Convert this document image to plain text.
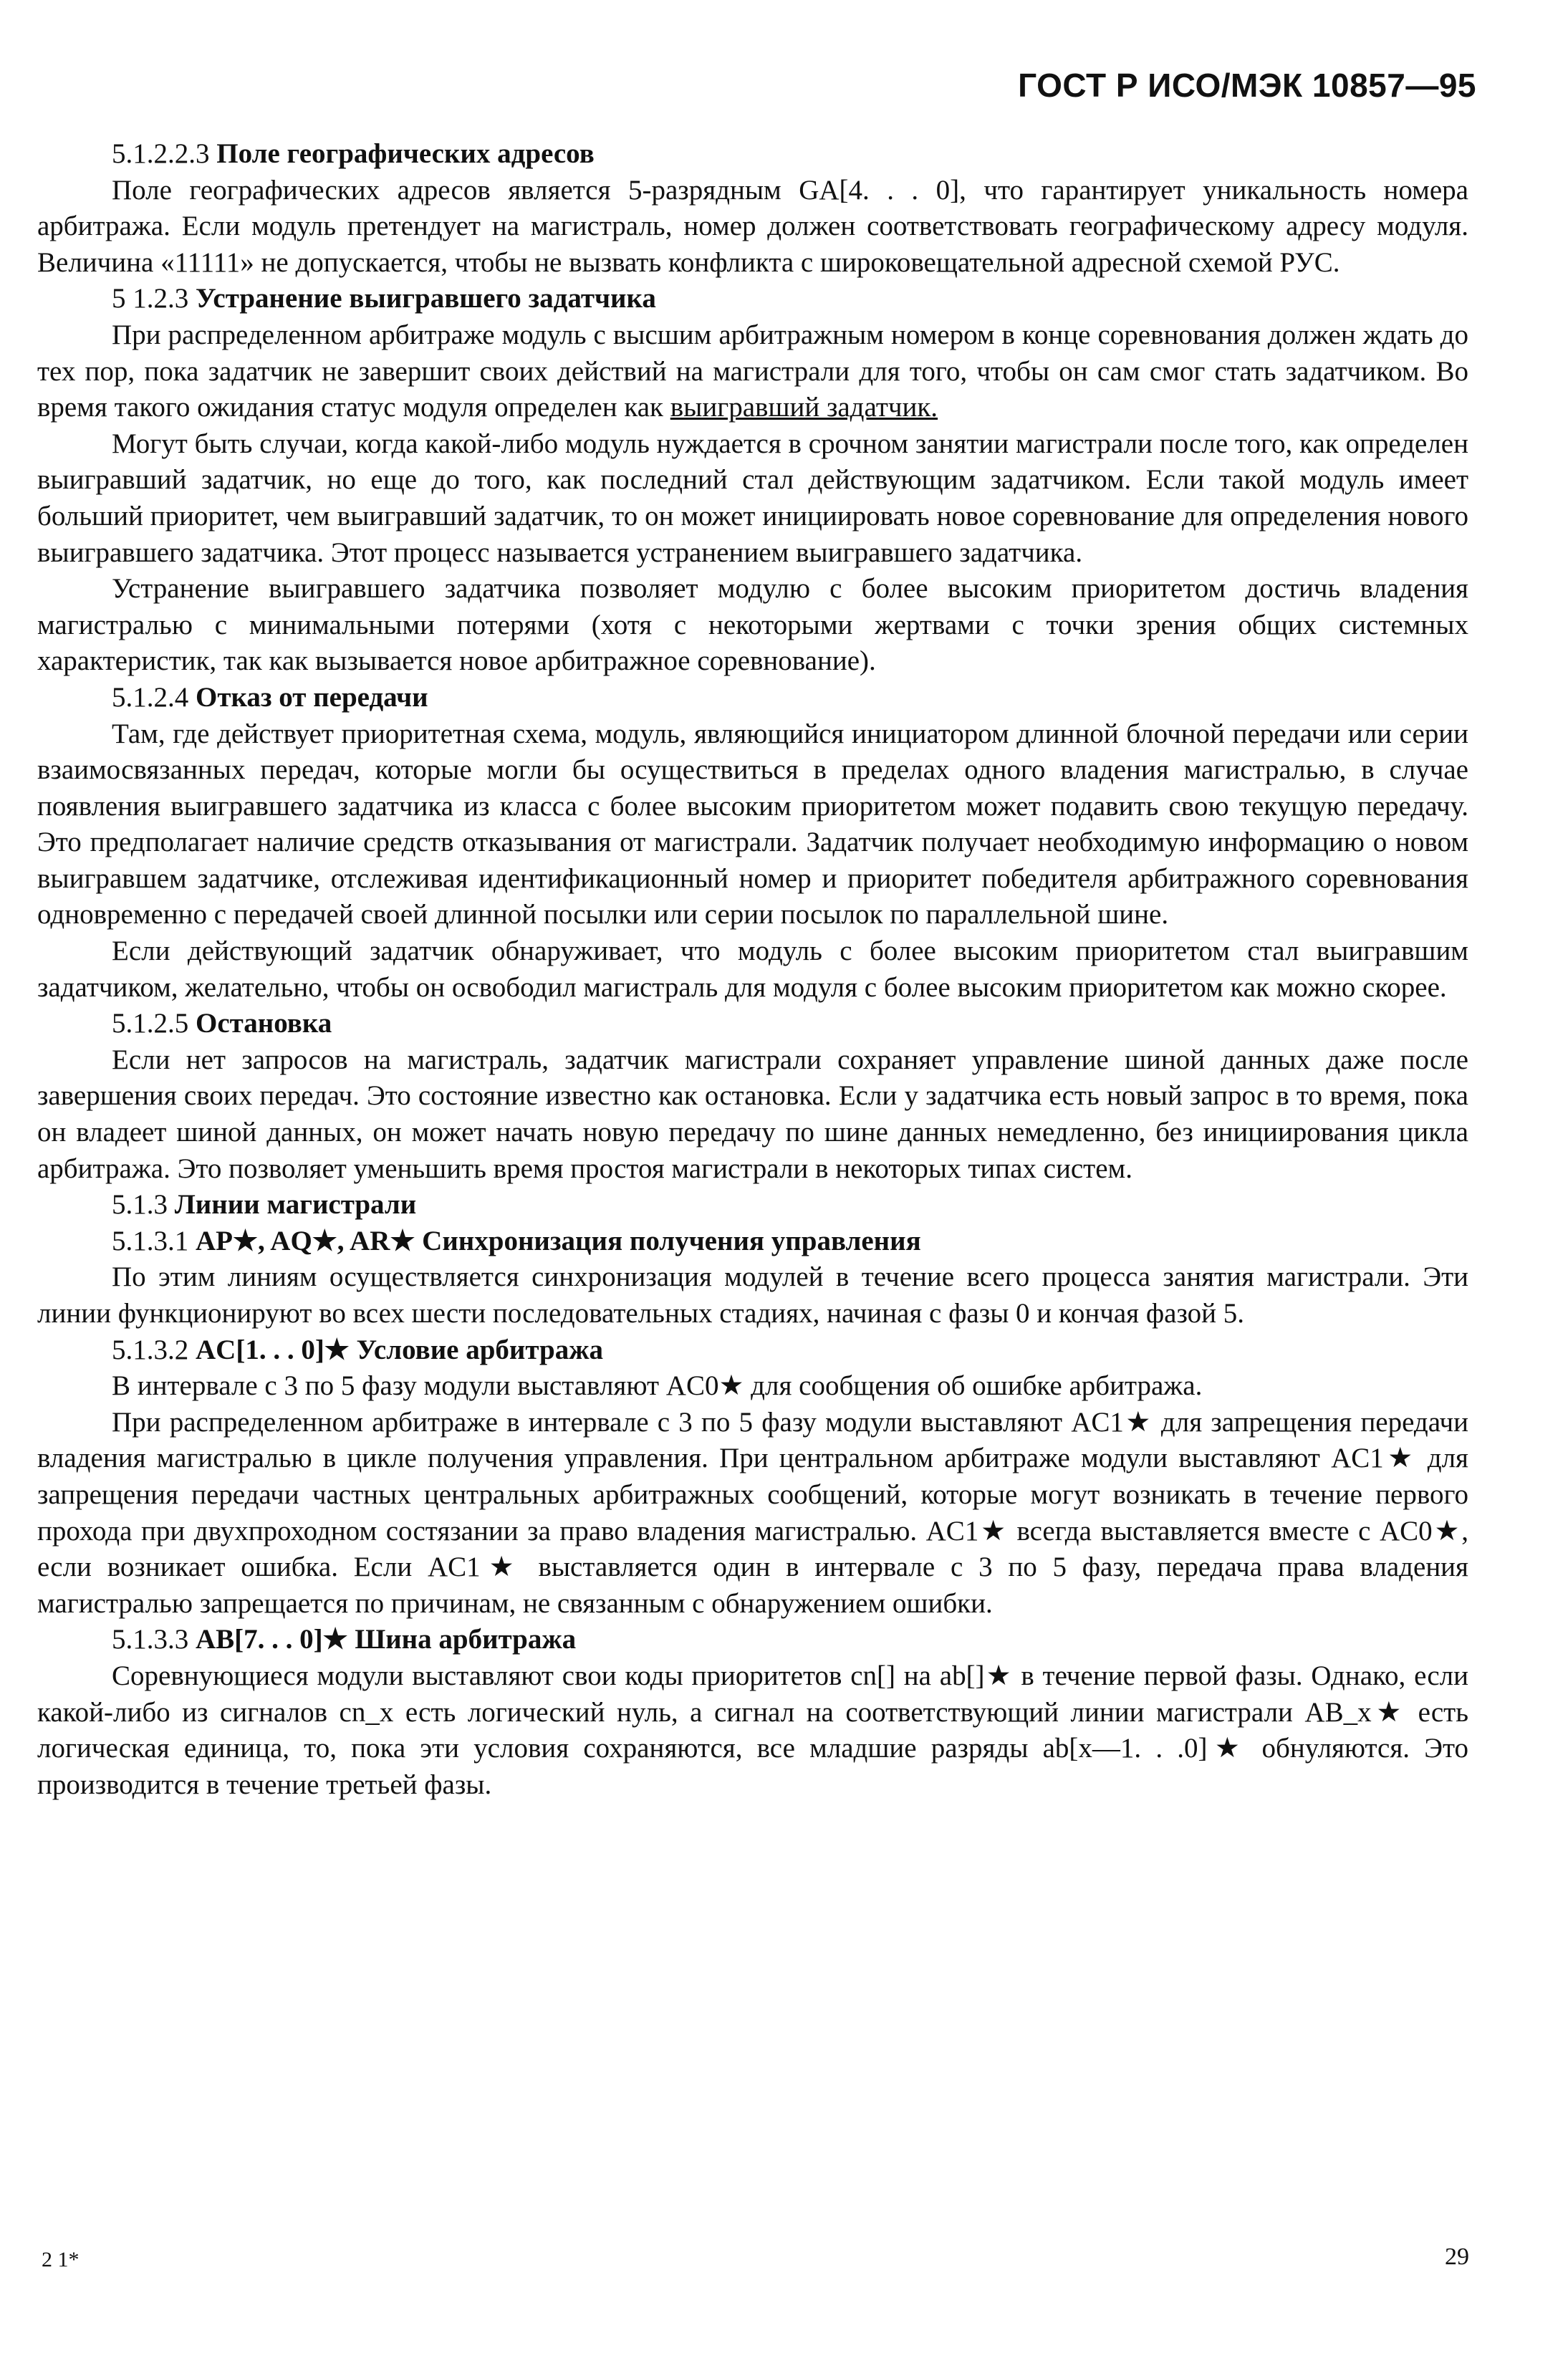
ГОСТ Р ИСО/МЭК 10857—95
5.1.2.2.3 Поле географических адресов

Поле географических адресов является 5-разрядным GA[4. . . 0], что гарантирует уникальность номера арбитража. Если модуль претендует на магистраль, номер должен соответствовать географическому адресу модуля. Величина «11111» не допускается, чтобы не вызвать конфликта с широковещательной адресной схемой РУС.

5 1.2.3 Устранение выигравшего задатчика

При распределенном арбитраже модуль с высшим арбитражным номером в конце соревнования должен ждать до тех пор, пока задатчик не завершит своих действий на магистрали для того, чтобы он сам смог стать задатчиком. Во время такого ожидания статус модуля определен как выигравший задатчик.

Могут быть случаи, когда какой-либо модуль нуждается в срочном занятии магистрали после того, как определен выигравший задатчик, но еще до того, как последний стал действующим задатчиком. Если такой модуль имеет больший приоритет, чем выигравший задатчик, то он может инициировать новое соревнование для определения нового выигравшего задатчика. Этот процесс называется устранением выигравшего задатчика.

Устранение выигравшего задатчика позволяет модулю с более высоким приоритетом достичь владения магистралью с минимальными потерями (хотя с некоторыми жертвами с точки зрения общих системных характеристик, так как вызывается новое арбитражное соревнование).

5.1.2.4 Отказ от передачи

Там, где действует приоритетная схема, модуль, являющийся инициатором длинной блочной передачи или серии взаимосвязанных передач, которые могли бы осуществиться в пределах одного владения магистралью, в случае появления выигравшего задатчика из класса с более высоким приоритетом может подавить свою текущую передачу. Это предполагает наличие средств отказывания от магистрали. Задатчик получает необходимую информацию о новом выигравшем задатчике, отслеживая идентификационный номер и приоритет победителя арбитражного соревнования одновременно с передачей своей длинной посылки или серии посылок по параллельной шине.

Если действующий задатчик обнаруживает, что модуль с более высоким приоритетом стал выигравшим задатчиком, желательно, чтобы он освободил магистраль для модуля с более высоким приоритетом как можно скорее.

5.1.2.5 Остановка

Если нет запросов на магистраль, задатчик магистрали сохраняет управление шиной данных даже после завершения своих передач. Это состояние известно как остановка. Если у задатчика есть новый запрос в то время, пока он владеет шиной данных, он может начать новую передачу по шине данных немедленно, без инициирования цикла арбитража. Это позволяет уменьшить время простоя магистрали в некоторых типах систем.

5.1.3 Линии магистрали
5.1.3.1 AP★, AQ★, AR★ Синхронизация получения управления

По этим линиям осуществляется синхронизация модулей в течение всего процесса занятия магистрали. Эти линии функционируют во всех шести последовательных стадиях, начиная с фазы 0 и кончая фазой 5.

5.1.3.2 AC[1. . . 0]★ Условие арбитража

В интервале с 3 по 5 фазу модули выставляют AC0★ для сообщения об ошибке арбитража.

При распределенном арбитраже в интервале с 3 по 5 фазу модули выставляют AC1★ для запрещения передачи владения магистралью в цикле получения управления. При центральном арбитраже модули выставляют AC1★ для запрещения передачи частных центральных арбитражных сообщений, которые могут возникать в течение первого прохода при двухпроходном состязании за право владения магистралью. AC1★ всегда выставляется вместе с AC0★, если возникает ошибка. Если AC1★ выставляется один в интервале с 3 по 5 фазу, передача права владения магистралью запрещается по причинам, не связанным с обнаружением ошибки.

5.1.3.3 AB[7. . . 0]★ Шина арбитража

Соревнующиеся модули выставляют свои коды приоритетов cn[] на ab[]★ в течение первой фазы. Однако, если какой-либо из сигналов cn_x есть логический нуль, а сигнал на соответствующий линии магистрали AB_x★ есть логическая единица, то, пока эти условия сохраняются, все младшие разряды ab[x—1. . .0]★ обнуляются. Это производится в течение третьей фазы.

2 1*	29
